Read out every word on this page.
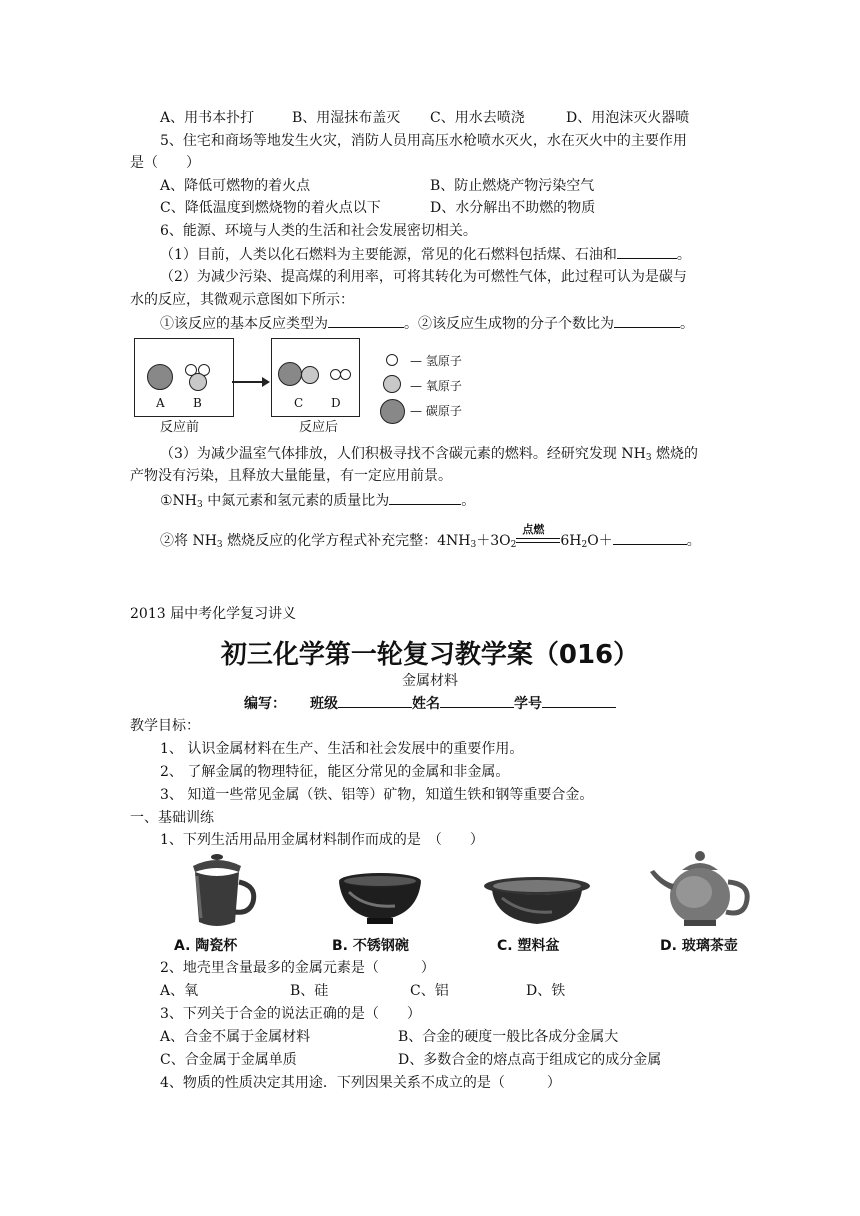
A、用书本扑打	B、用湿抹布盖灭 C、用水去喷浇	D、用泡沫灭火器喷
5、住宅和商场等地发生火灾，消防人员用高压水枪喷水灭火，水在灭火中的主要作用
是（　　）
A、降低可燃物的着火点	B、防止燃烧产物污染空气
C、降低温度到燃烧物的着火点以下	D、水分解出不助燃的物质
6、能源、环境与人类的生活和社会发展密切相关。
（1）目前，人类以化石燃料为主要能源，常见的化石燃料包括煤、石油和	。
（2）为减少污染、提高煤的利用率，可将其转化为可燃性气体，此过程可认为是碳与
水的反应，其微观示意图如下所示：
①该反应的基本反应类型为	。②该反应生成物的分子个数比为	。
A B
反应前
C D
反应后
— 氢原子
— 氧原子
— 碳原子
（3）为减少温室气体排放，人们积极寻找不含碳元素的燃料。经研究发现 $NH_3$ 燃烧的
产物没有污染，且释放大量能量，有一定应用前景。
$①NH_3$ 中氮元素和氢元素的质量比为	。
②将 $NH_3$ 燃烧反应的化学方程式补充完整：$4NH_3+3O_2$
点燃
$6H_2O+$	。
2013 届中考化学复习讲义
初三化学第一轮复习教学案（016）
金属材料
编写： 班级	姓名	学号
教学目标：
1、 认识金属材料在生产、生活和社会发展中的重要作用。
2、 了解金属的物理特征，能区分常见的金属和非金属。
3、 知道一些常见金属（铁、铝等）矿物，知道生铁和钢等重要合金。
一、基础训练
1、下列生活用品用金属材料制作而成的是　（　　）
A. 陶瓷杯	B. 不锈钢碗	C. 塑料盆	D. 玻璃茶壶
2、地壳里含量最多的金属元素是（　　　）
A、氧	B、硅	C、铝	D、铁
3、下列关于合金的说法正确的是（　　）
A、合金不属于金属材料	B、合金的硬度一般比各成分金属大
C、合金属于金属单质	D、多数合金的熔点高于组成它的成分金属
4、物质的性质决定其用途．下列因果关系不成立的是（　　　）
